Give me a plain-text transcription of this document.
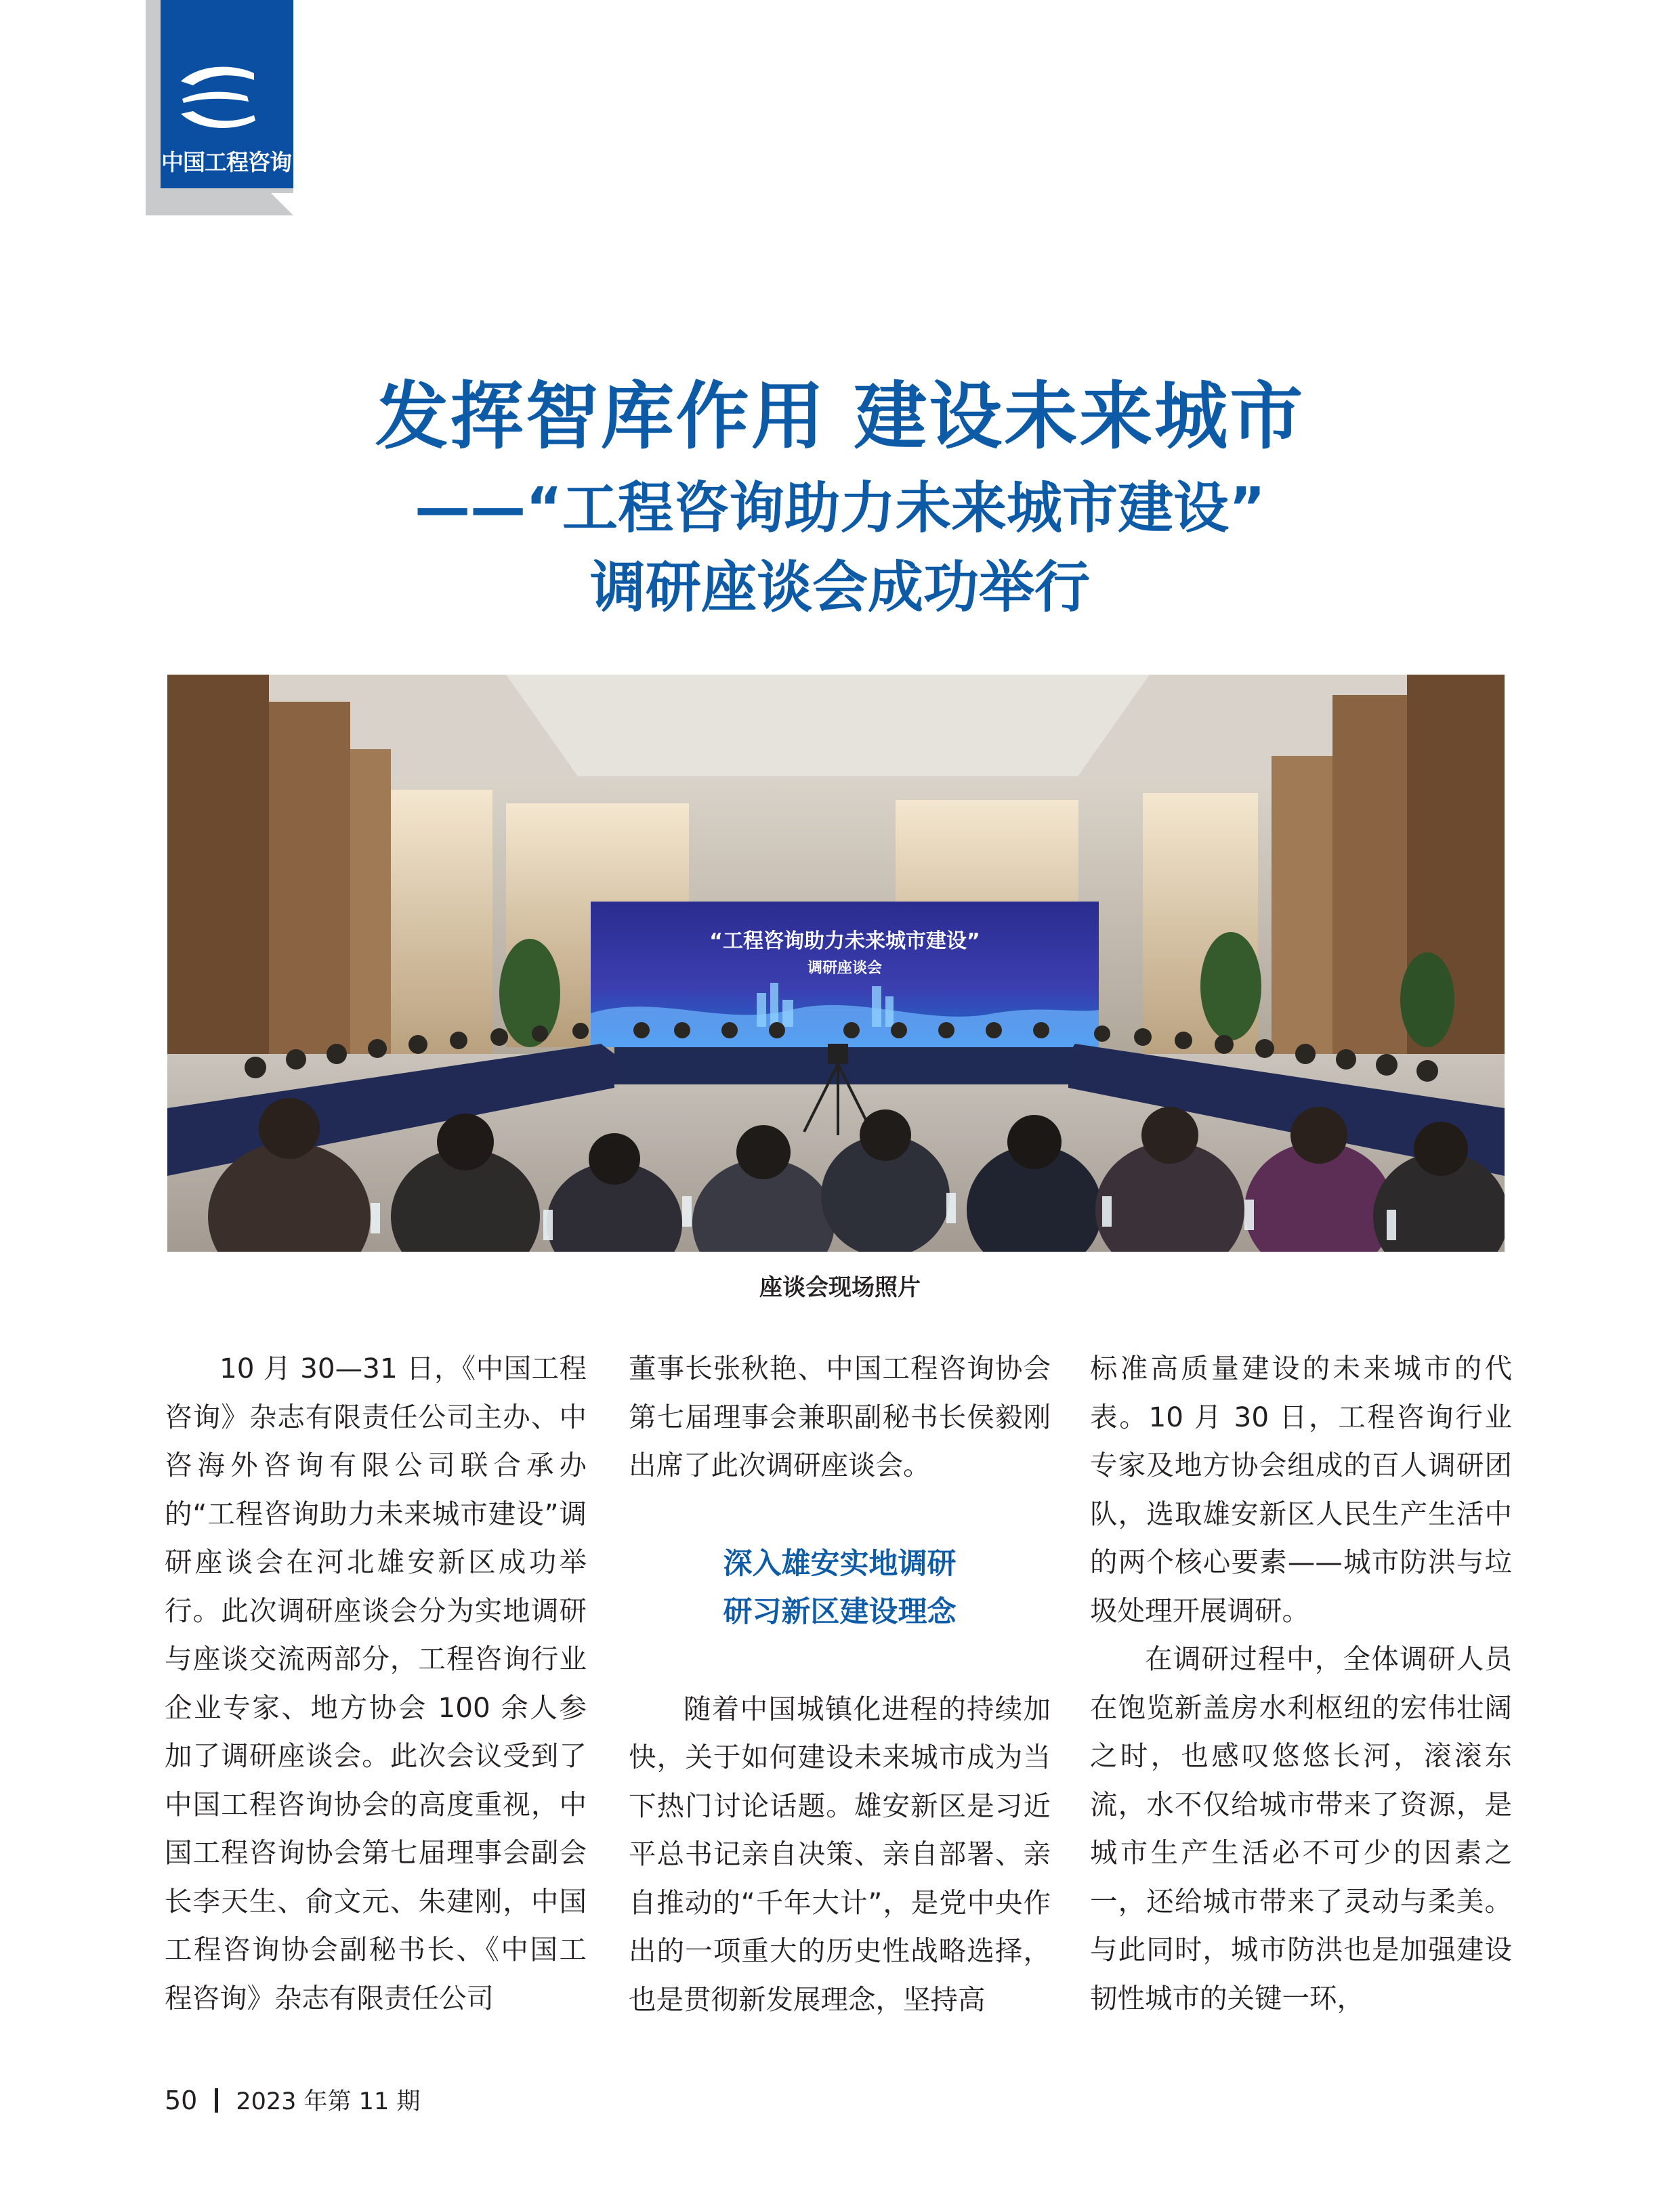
中国工程咨询
发挥智库作用 建设未来城市
——“工程咨询助力未来城市建设”
调研座谈会成功举行
“工程咨询助力未来城市建设”
调研座谈会
座谈会现场照片

10 月 30—31 日，《中国工程咨询》杂志有限责任公司主办、中咨海外咨询有限公司联合承办的“工程咨询助力未来城市建设”调研座谈会在河北雄安新区成功举行。此次调研座谈会分为实地调研与座谈交流两部分，工程咨询行业企业专家、地方协会 100 余人参加了调研座谈会。此次会议受到了中国工程咨询协会的高度重视，中国工程咨询协会第七届理事会副会长李天生、俞文元、朱建刚，中国工程咨询协会副秘书长、《中国工程咨询》杂志有限责任公司

董事长张秋艳、中国工程咨询协会第七届理事会兼职副秘书长侯毅刚出席了此次调研座谈会。

深入雄安实地调研
研习新区建设理念

随着中国城镇化进程的持续加快，关于如何建设未来城市成为当下热门讨论话题。雄安新区是习近平总书记亲自决策、亲自部署、亲自推动的“千年大计”，是党中央作出的一项重大的历史性战略选择，也是贯彻新发展理念，坚持高

标准高质量建设的未来城市的代表。10 月 30 日，工程咨询行业专家及地方协会组成的百人调研团队，选取雄安新区人民生产生活中的两个核心要素——城市防洪与垃圾处理开展调研。

在调研过程中，全体调研人员在饱览新盖房水利枢纽的宏伟壮阔之时，也感叹悠悠长河，滚滚东流，水不仅给城市带来了资源，是城市生产生活必不可少的因素之一，还给城市带来了灵动与柔美。与此同时，城市防洪也是加强建设韧性城市的关键一环，

50 2023 年第 11 期
